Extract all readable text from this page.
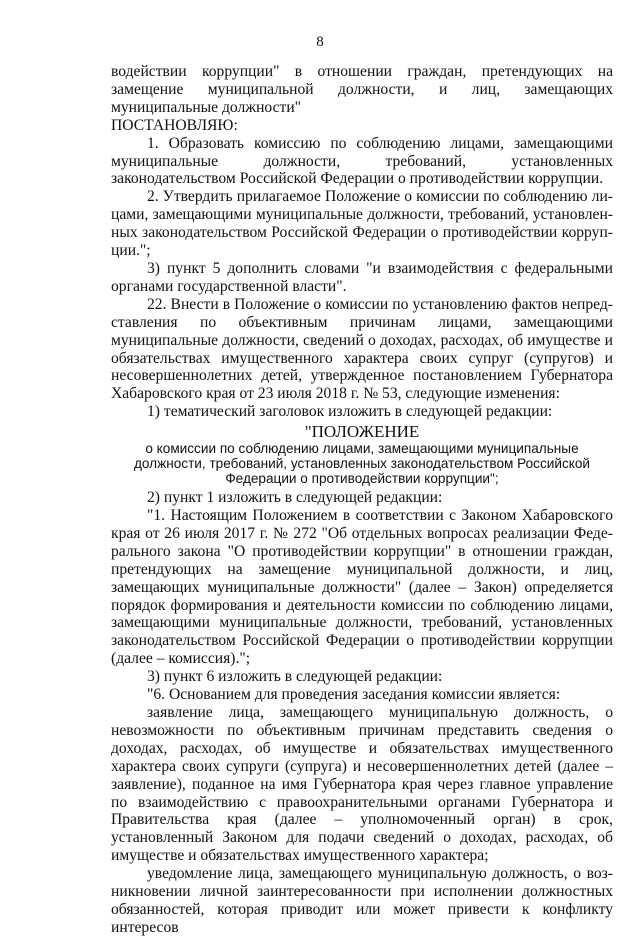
8

водействии коррупции" в отношении граждан, претендующих на замещение муниципальной должности, и лиц, замещающих муниципальные должности"

ПОСТАНОВЛЯЮ:

1. Образовать комиссию по соблюдению лицами, замещающими муниципальные должности, требований, установленных законодательством Российской Федерации о противодействии коррупции.

2. Утвердить прилагаемое Положение о комиссии по соблюдению лицами, замещающими муниципальные должности, требований, установленных законодательством Российской Федерации о противодействии коррупции.";

3) пункт 5 дополнить словами "и взаимодействия с федеральными органами государственной власти".

22. Внести в Положение о комиссии по установлению фактов непредставления по объективным причинам лицами, замещающими муниципальные должности, сведений о доходах, расходах, об имуществе и обязательствах имущественного характера своих супруг (супругов) и несовершеннолетних детей, утвержденное постановлением Губернатора Хабаровского края от 23 июля 2018 г. № 53, следующие изменения:

1) тематический заголовок изложить в следующей редакции:

"ПОЛОЖЕНИЕ

о комиссии по соблюдению лицами, замещающими муниципальные должности, требований, установленных законодательством Российской Федерации о противодействии коррупции";

2) пункт 1 изложить в следующей редакции:

"1. Настоящим Положением в соответствии с Законом Хабаровского края от 26 июля 2017 г. № 272 "Об отдельных вопросах реализации Федерального закона "О противодействии коррупции" в отношении граждан, претендующих на замещение муниципальной должности, и лиц, замещающих муниципальные должности" (далее – Закон) определяется порядок формирования и деятельности комиссии по соблюдению лицами, замещающими муниципальные должности, требований, установленных законодательством Российской Федерации о противодействии коррупции (далее – комиссия).";

3) пункт 6 изложить в следующей редакции:

"6. Основанием для проведения заседания комиссии является:

заявление лица, замещающего муниципальную должность, о невозможности по объективным причинам представить сведения о доходах, расходах, об имуществе и обязательствах имущественного характера своих супруги (супруга) и несовершеннолетних детей (далее – заявление), поданное на имя Губернатора края через главное управление по взаимодействию с правоохранительными органами Губернатора и Правительства края (далее – уполномоченный орган) в срок, установленный Законом для подачи сведений о доходах, расходах, об имуществе и обязательствах имущественного характера;

уведомление лица, замещающего муниципальную должность, о возникновении личной заинтересованности при исполнении должностных обязанностей, которая приводит или может привести к конфликту интересов
